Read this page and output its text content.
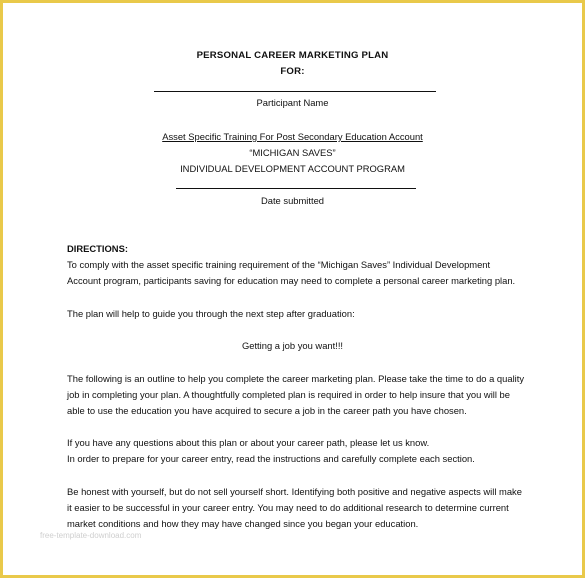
PERSONAL CAREER MARKETING PLAN
FOR:
Participant Name
Asset Specific Training For Post Secondary Education Account
“MICHIGAN SAVES”
INDIVIDUAL DEVELOPMENT ACCOUNT PROGRAM
Date submitted
DIRECTIONS:
To comply with the asset specific training requirement of the “Michigan Saves” Individual Development
Account program, participants saving for education may need to complete a personal career marketing plan.
The plan will help to guide you through the next step after graduation:
Getting a job you want!!!
The following is an outline to help you complete the career marketing plan. Please take the time to do a quality
job in completing your plan. A thoughtfully completed plan is required in order to help insure that you will be
able to use the education you have acquired to secure a job in the career path you have chosen.
If you have any questions about this plan or about your career path, please let us know.
In order to prepare for your career entry, read the instructions and carefully complete each section.
Be honest with yourself, but do not sell yourself short. Identifying both positive and negative aspects will make
it easier to be successful in your career entry. You may need to do additional research to determine current
market conditions and how they may have changed since you began your education.
free-template-download.com
